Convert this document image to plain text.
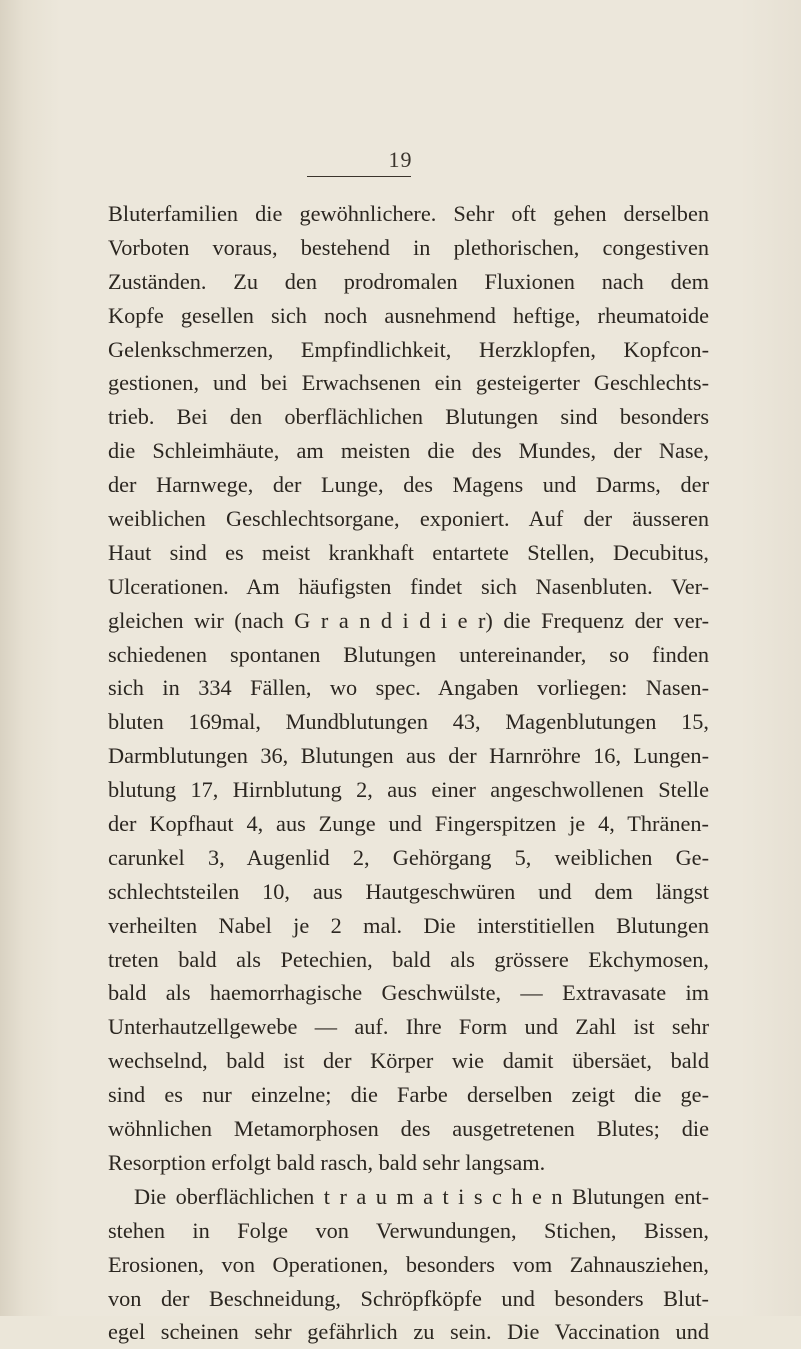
19
Bluterfamilien die gewöhnlichere. Sehr oft gehen derselben
Vorboten voraus, bestehend in plethorischen, congestiven
Zuständen. Zu den prodromalen Fluxionen nach dem
Kopfe gesellen sich noch ausnehmend heftige, rheumatoide
Gelenkschmerzen, Empfindlichkeit, Herzklopfen, Kopfcon-
gestionen, und bei Erwachsenen ein gesteigerter Geschlechts-
trieb. Bei den oberflächlichen Blutungen sind besonders
die Schleimhäute, am meisten die des Mundes, der Nase,
der Harnwege, der Lunge, des Magens und Darms, der
weiblichen Geschlechtsorgane, exponiert. Auf der äusseren
Haut sind es meist krankhaft entartete Stellen, Decubitus,
Ulcerationen. Am häufigsten findet sich Nasenbluten. Ver-
gleichen wir (nach G r a n d i d i e r) die Frequenz der ver-
schiedenen spontanen Blutungen untereinander, so finden
sich in 334 Fällen, wo spec. Angaben vorliegen: Nasen-
bluten 169mal, Mundblutungen 43, Magenblutungen 15,
Darmblutungen 36, Blutungen aus der Harnröhre 16, Lungen-
blutung 17, Hirnblutung 2, aus einer angeschwollenen Stelle
der Kopfhaut 4, aus Zunge und Fingerspitzen je 4, Thränen-
carunkel 3, Augenlid 2, Gehörgang 5, weiblichen Ge-
schlechtsteilen 10, aus Hautgeschwüren und dem längst
verheilten Nabel je 2 mal. Die interstitiellen Blutungen
treten bald als Petechien, bald als grössere Ekchymosen,
bald als haemorrhagische Geschwülste, — Extravasate im
Unterhautzellgewebe — auf. Ihre Form und Zahl ist sehr
wechselnd, bald ist der Körper wie damit übersäet, bald
sind es nur einzelne; die Farbe derselben zeigt die ge-
wöhnlichen Metamorphosen des ausgetretenen Blutes; die
Resorption erfolgt bald rasch, bald sehr langsam.
Die oberflächlichen t r a u m a t i s c h e n Blutungen ent-
stehen in Folge von Verwundungen, Stichen, Bissen,
Erosionen, von Operationen, besonders vom Zahnausziehen,
von der Beschneidung, Schröpfköpfe und besonders Blut-
egel scheinen sehr gefährlich zu sein. Die Vaccination und
